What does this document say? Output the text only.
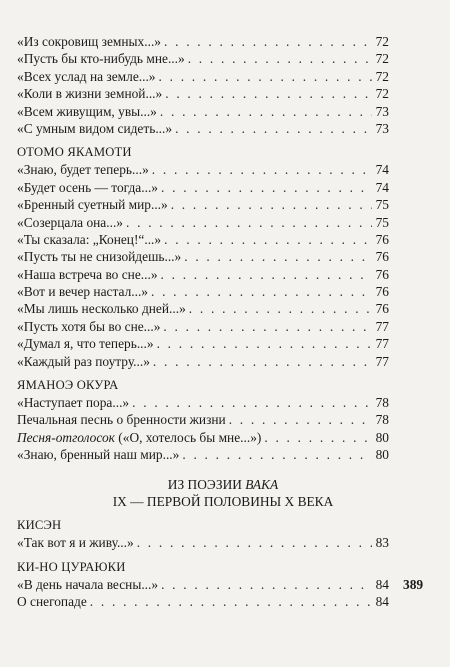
«Из сокровищ земных...» . . .	72
«Пусть бы кто-нибудь мне...» . . .	72
«Всех услад на земле...» . . .	72
«Коли в жизни земной...» . . .	72
«Всем живущим, увы...» . . .	73
«С умным видом сидеть...» . . .	73
ОТОМО ЯКАМОТИ
«Знаю, будет теперь...» . . .	74
«Будет осень — тогда...» . . .	74
«Бренный суетный мир...» . . .	75
«Созерцала она...» . . .	75
«Ты сказала: „Конец!“...» . . .	76
«Пусть ты не снизойдешь...» . . .	76
«Наша встреча во сне...» . . .	76
«Вот и вечер настал...» . . .	76
«Мы лишь несколько дней...» . . .	76
«Пусть хотя бы во сне...» . . .	77
«Думал я, что теперь...» . . .	77
«Каждый раз поутру...» . . .	77
ЯМАНОЭ ОКУРА
«Наступает пора...» . . .	78
Печальная песнь о бренности жизни . . .	78
Песня-отголосок («О, хотелось бы мне...») . . .	80
«Знаю, бренный наш мир...» . . .	80
ИЗ ПОЭЗИИ ВАКА
IX — ПЕРВОЙ ПОЛОВИНЫ X ВЕКА
КИСЭН
«Так вот я и живу...» . . .	83
КИ-НО ЦУРАЮКИ
«В день начала весны...» . . .	84
О снегопаде . . .	84
389
